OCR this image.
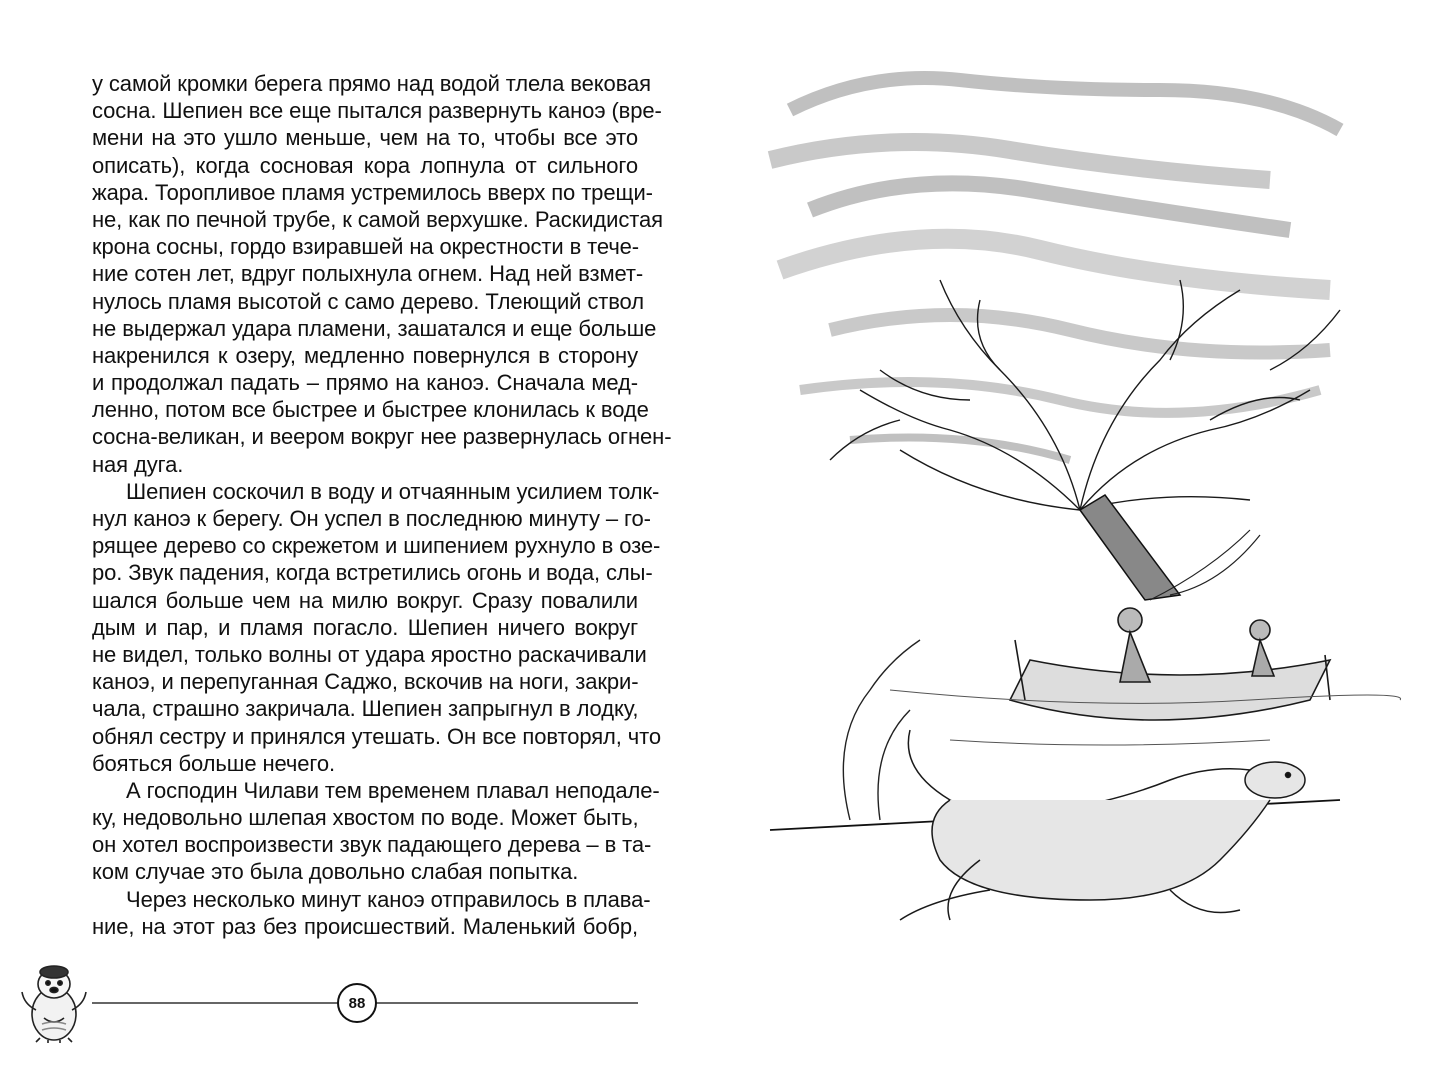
у самой кромки берега прямо над водой тлела вековая
сосна. Шепиен все еще пытался развернуть каноэ (вре-
мени на это ушло меньше, чем на то, чтобы все это
описать), когда сосновая кора лопнула от сильного
жара. Торопливое пламя устремилось вверх по трещи-
не, как по печной трубе, к самой верхушке. Раскидистая
крона сосны, гордо взиравшей на окрестности в тече-
ние сотен лет, вдруг полыхнула огнем. Над ней взмет-
нулось пламя высотой с само дерево. Тлеющий ствол
не выдержал удара пламени, зашатался и еще больше
накренился к озеру, медленно повернулся в сторону
и продолжал падать – прямо на каноэ. Сначала мед-
ленно, потом все быстрее и быстрее клонилась к воде
сосна-великан, и веером вокруг нее развернулась огнен-
ная дуга.
Шепиен соскочил в воду и отчаянным усилием толк-
нул каноэ к берегу. Он успел в последнюю минуту – го-
рящее дерево со скрежетом и шипением рухнуло в озе-
ро. Звук падения, когда встретились огонь и вода, слы-
шался больше чем на милю вокруг. Сразу повалили
дым и пар, и пламя погасло. Шепиен ничего вокруг
не видел, только волны от удара яростно раскачивали
каноэ, и перепуганная Саджо, вскочив на ноги, закри-
чала, страшно закричала. Шепиен запрыгнул в лодку,
обнял сестру и принялся утешать. Он все повторял, что
бояться больше нечего.
А господин Чилави тем временем плавал неподале-
ку, недовольно шлепая хвостом по воде. Может быть,
он хотел воспроизвести звук падающего дерева – в та-
ком случае это была довольно слабая попытка.
Через несколько минут каноэ отправилось в плава-
ние, на этот раз без происшествий. Маленький бобр,
88
